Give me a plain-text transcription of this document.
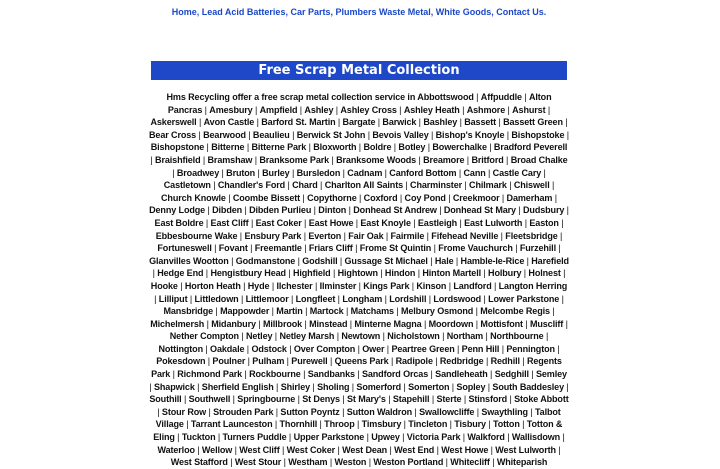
Home, Lead Acid Batteries, Car Parts, Plumbers Waste Metal, White Goods, Contact Us.
Free Scrap Metal Collection
Hms Recycling offer a free scrap metal collection service in Abbottswood | Affpuddle | Alton Pancras | Amesbury | Ampfield | Ashley | Ashley Cross | Ashley Heath | Ashmore | Ashurst | Askerswell | Avon Castle | Barford St. Martin | Bargate | Barwick | Bashley | Bassett | Bassett Green | Bear Cross | Bearwood | Beaulieu | Berwick St John | Bevois Valley | Bishop's Knoyle | Bishopstoke | Bishopstone | Bitterne | Bitterne Park | Bloxworth | Boldre | Botley | Bowerchalke | Bradford Peverell | Braishfield | Bramshaw | Branksome Park | Branksome Woods | Breamore | Britford | Broad Chalke | Broadwey | Bruton | Burley | Bursledon | Cadnam | Canford Bottom | Cann | Castle Cary | Castletown | Chandler's Ford | Chard | Charlton All Saints | Charminster | Chilmark | Chiswell | Church Knowle | Coombe Bissett | Copythorne | Coxford | Coy Pond | Creekmoor | Damerham | Denny Lodge | Dibden | Dibden Purlieu | Dinton | Donhead St Andrew | Donhead St Mary | Dudsbury | East Boldre | East Cliff | East Coker | East Howe | East Knoyle | Eastleigh | East Lulworth | Easton | Ebbesbourne Wake | Ensbury Park | Everton | Fair Oak | Fairmile | Fifehead Neville | Fleetsbridge | Fortuneswell | Fovant | Freemantle | Friars Cliff | Frome St Quintin | Frome Vauchurch | Furzehill | Glanvilles Wootton | Godmanstone | Godshill | Gussage St Michael | Hale | Hamble-le-Rice | Harefield | Hedge End | Hengistbury Head | Highfield | Hightown | Hindon | Hinton Martell | Holbury | Holnest | Hooke | Horton Heath | Hyde | Ilchester | Ilminster | Kings Park | Kinson | Landford | Langton Herring | Lilliput | Littledown | Littlemoor | Longfleet | Longham | Lordshill | Lordswood | Lower Parkstone | Mansbridge | Mappowder | Martin | Martock | Matchams | Melbury Osmond | Melcombe Regis | Michelmersh | Midanbury | Millbrook | Minstead | Minterne Magna | Moordown | Mottisfont | Muscliff | Nether Compton | Netley | Netley Marsh | Newtown | Nicholstown | Northam | Northbourne | Nottington | Oakdale | Odstock | Over Compton | Ower | Peartree Green | Penn Hill | Pennington | Pokesdown | Poulner | Pulham | Purewell | Queens Park | Radipole | Redbridge | Redhill | Regents Park | Richmond Park | Rockbourne | Sandbanks | Sandford Orcas | Sandleheath | Sedghill | Semley | Shapwick | Sherfield English | Shirley | Sholing | Somerford | Somerton | Sopley | South Baddesley | Southill | Southwell | Springbourne | St Denys | St Mary's | Stapehill | Sterte | Stinsford | Stoke Abbott | Stour Row | Strouden Park | Sutton Poyntz | Sutton Waldron | Swallowcliffe | Swaythling | Talbot Village | Tarrant Launceston | Thornhill | Throop | Timsbury | Tincleton | Tisbury | Totton | Totton & Eling | Tuckton | Turners Puddle | Upper Parkstone | Upwey | Victoria Park | Walkford | Wallisdown | Waterloo | Wellow | West Cliff | West Coker | West Dean | West End | West Howe | West Lulworth | West Stafford | West Stour | Westham | Weston | Weston Portland | Whitecliff | Whiteparish
